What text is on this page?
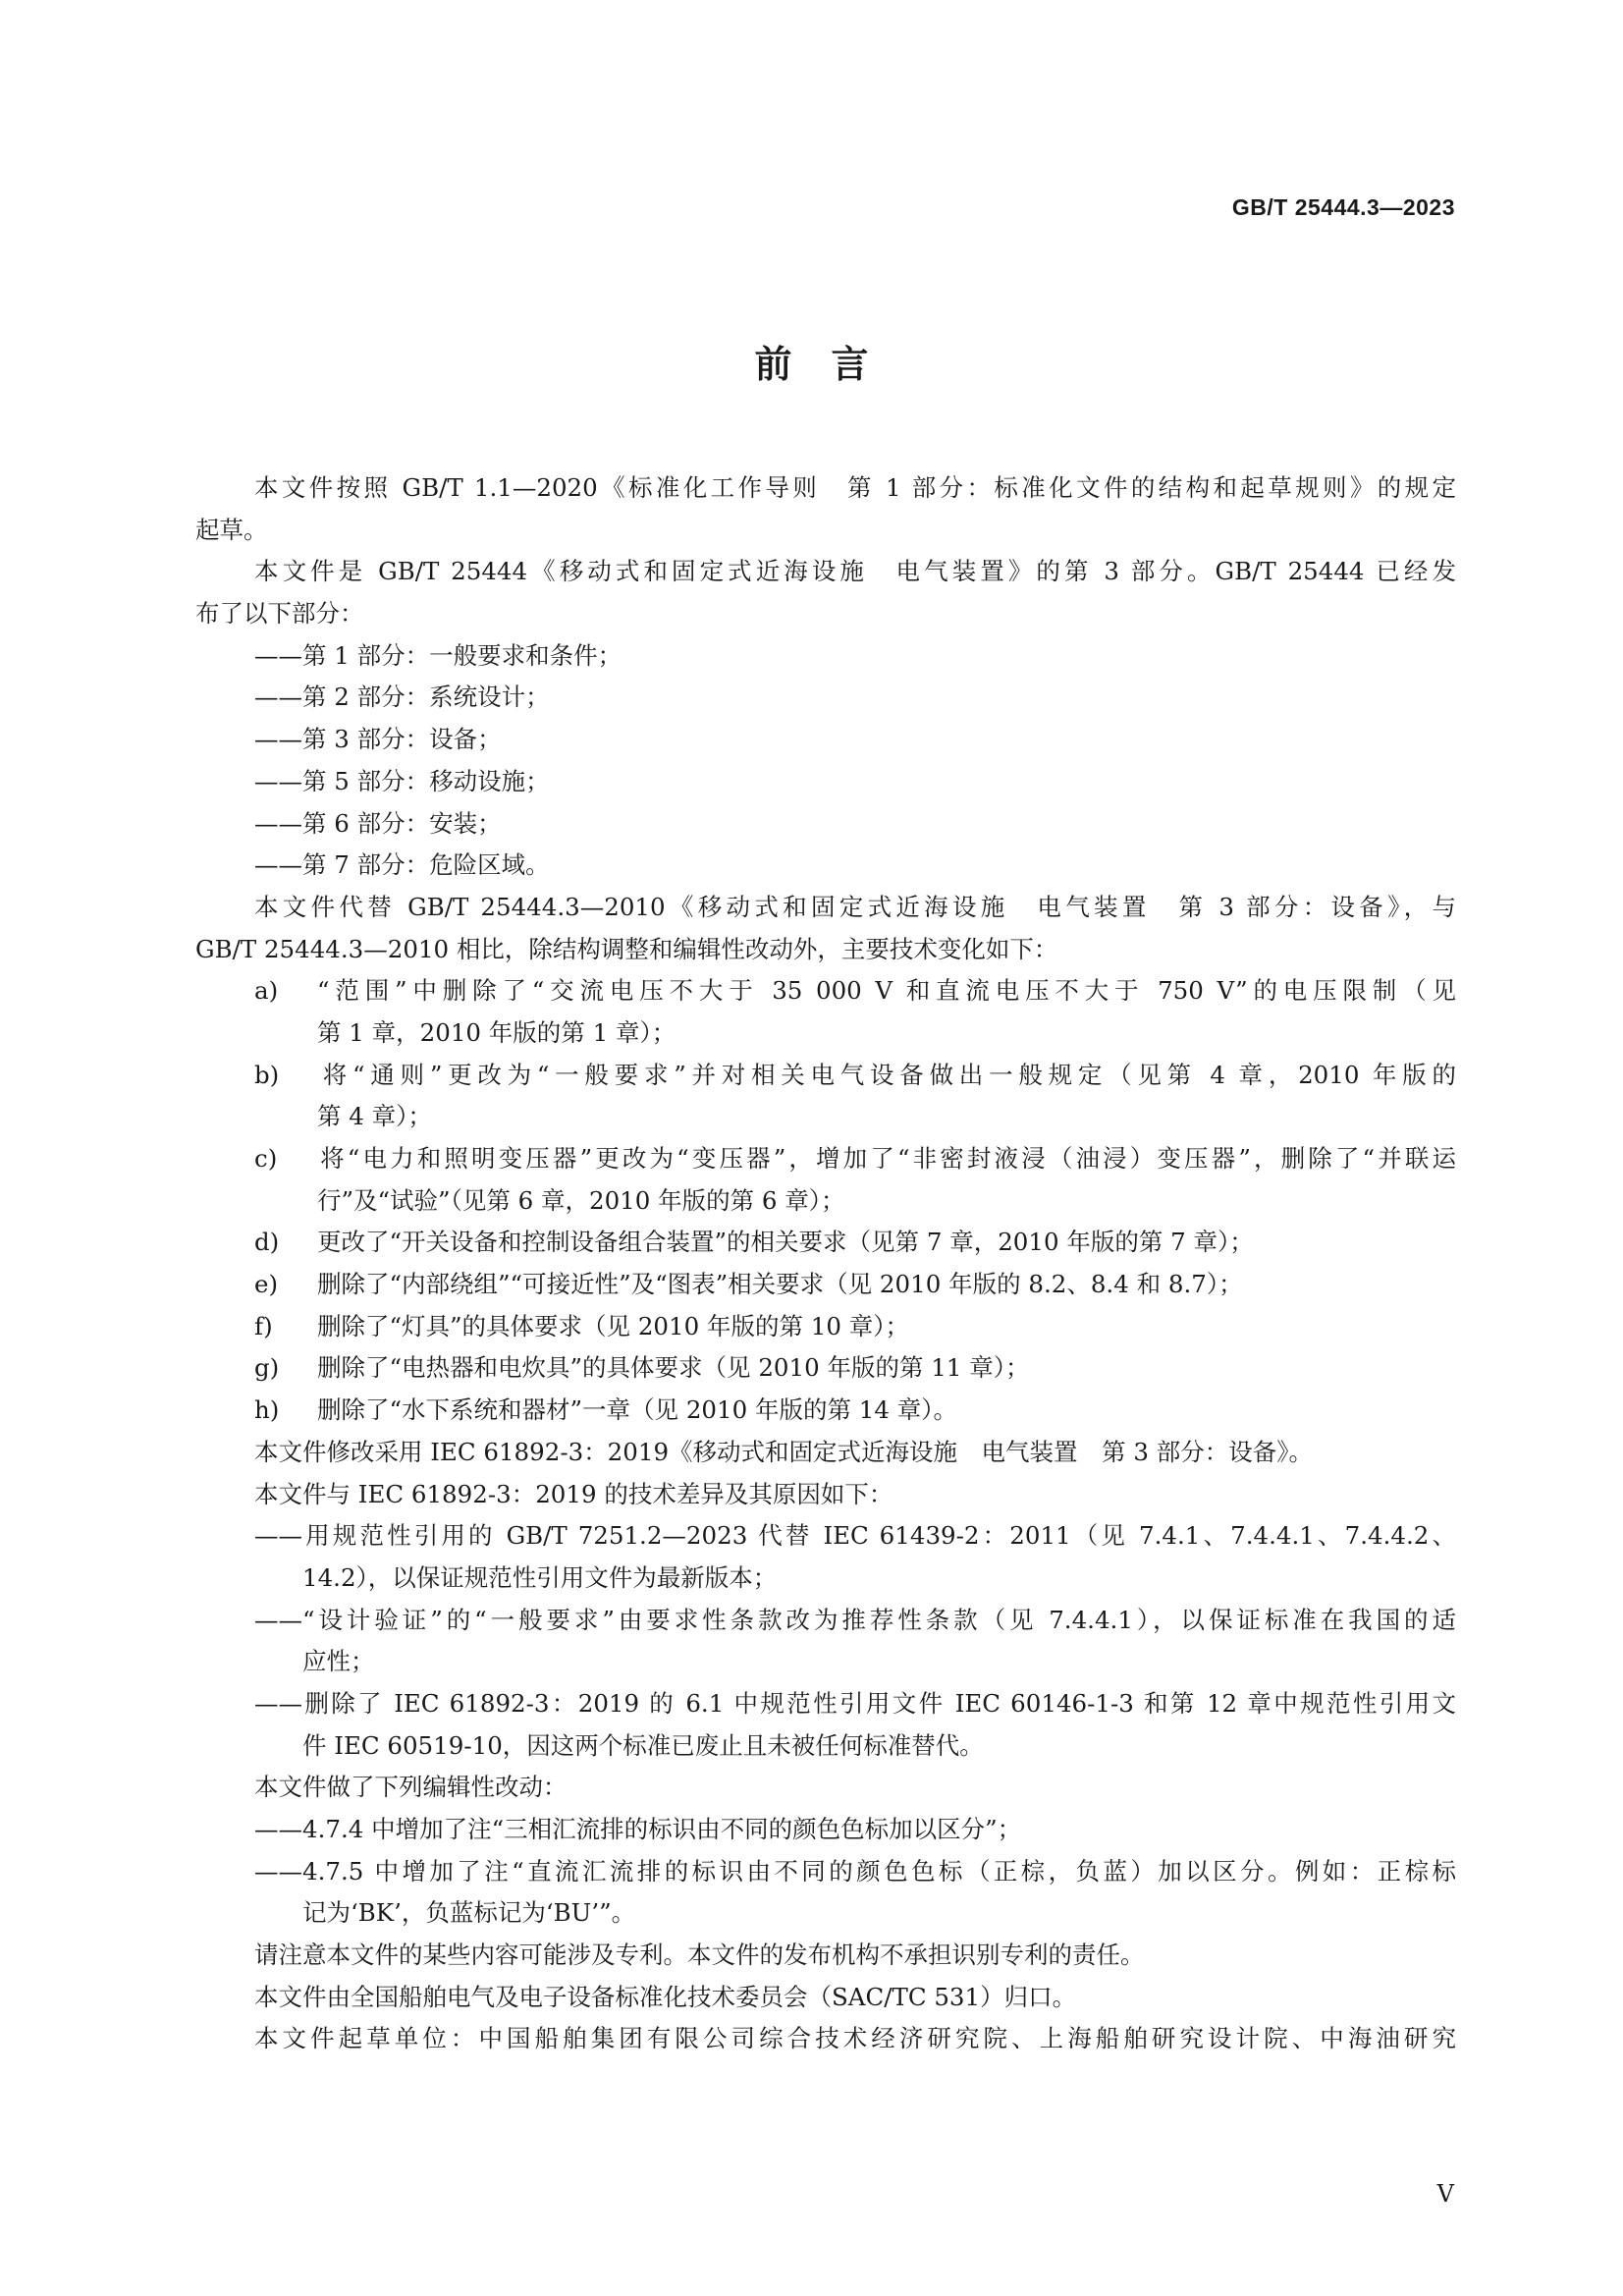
GB/T 25444.3—2023
前言
本文件按照 GB/T 1.1—2020《标准化工作导则　第 1 部分：标准化文件的结构和起草规则》的规定
起草。
本文件是 GB/T 25444《移动式和固定式近海设施　电气装置》的第 3 部分。GB/T 25444 已经发
布了以下部分：
——第 1 部分：一般要求和条件；
——第 2 部分：系统设计；
——第 3 部分：设备；
——第 5 部分：移动设施；
——第 6 部分：安装；
——第 7 部分：危险区域。
本文件代替 GB/T 25444.3—2010《移动式和固定式近海设施　电气装置　第 3 部分：设备》，与
GB/T 25444.3—2010 相比，除结构调整和编辑性改动外，主要技术变化如下：
a) “范围”中删除了“交流电压不大于 35 000 V 和直流电压不大于 750 V”的电压限制（见
第 1 章，2010 年版的第 1 章）；
b) 将“通则”更改为“一般要求”并对相关电气设备做出一般规定（见第 4 章，2010 年版的
第 4 章）；
c) 将“电力和照明变压器”更改为“变压器”，增加了“非密封液浸（油浸）变压器”，删除了“并联运
行”及“试验”（见第 6 章，2010 年版的第 6 章）；
d) 更改了“开关设备和控制设备组合装置”的相关要求（见第 7 章，2010 年版的第 7 章）；
e) 删除了“内部绕组”“可接近性”及“图表”相关要求（见 2010 年版的 8.2、8.4 和 8.7）；
f) 删除了“灯具”的具体要求（见 2010 年版的第 10 章）；
g) 删除了“电热器和电炊具”的具体要求（见 2010 年版的第 11 章）；
h) 删除了“水下系统和器材”一章（见 2010 年版的第 14 章）。
本文件修改采用 IEC 61892-3：2019《移动式和固定式近海设施　电气装置　第 3 部分：设备》。
本文件与 IEC 61892-3：2019 的技术差异及其原因如下：
——用规范性引用的 GB/T 7251.2—2023 代替 IEC 61439-2：2011（见 7.4.1、7.4.4.1、7.4.4.2、
14.2），以保证规范性引用文件为最新版本；
——“设计验证”的“一般要求”由要求性条款改为推荐性条款（见 7.4.4.1），以保证标准在我国的适
应性；
——删除了 IEC 61892-3：2019 的 6.1 中规范性引用文件 IEC 60146-1-3 和第 12 章中规范性引用文
件 IEC 60519-10，因这两个标准已废止且未被任何标准替代。
本文件做了下列编辑性改动：
——4.7.4 中增加了注“三相汇流排的标识由不同的颜色色标加以区分”；
——4.7.5 中增加了注“直流汇流排的标识由不同的颜色色标（正棕，负蓝）加以区分。例如：正棕标
记为‘BK’，负蓝标记为‘BU’”。
请注意本文件的某些内容可能涉及专利。本文件的发布机构不承担识别专利的责任。
本文件由全国船舶电气及电子设备标准化技术委员会（SAC/TC 531）归口。
本文件起草单位：中国船舶集团有限公司综合技术经济研究院、上海船舶研究设计院、中海油研究
V
